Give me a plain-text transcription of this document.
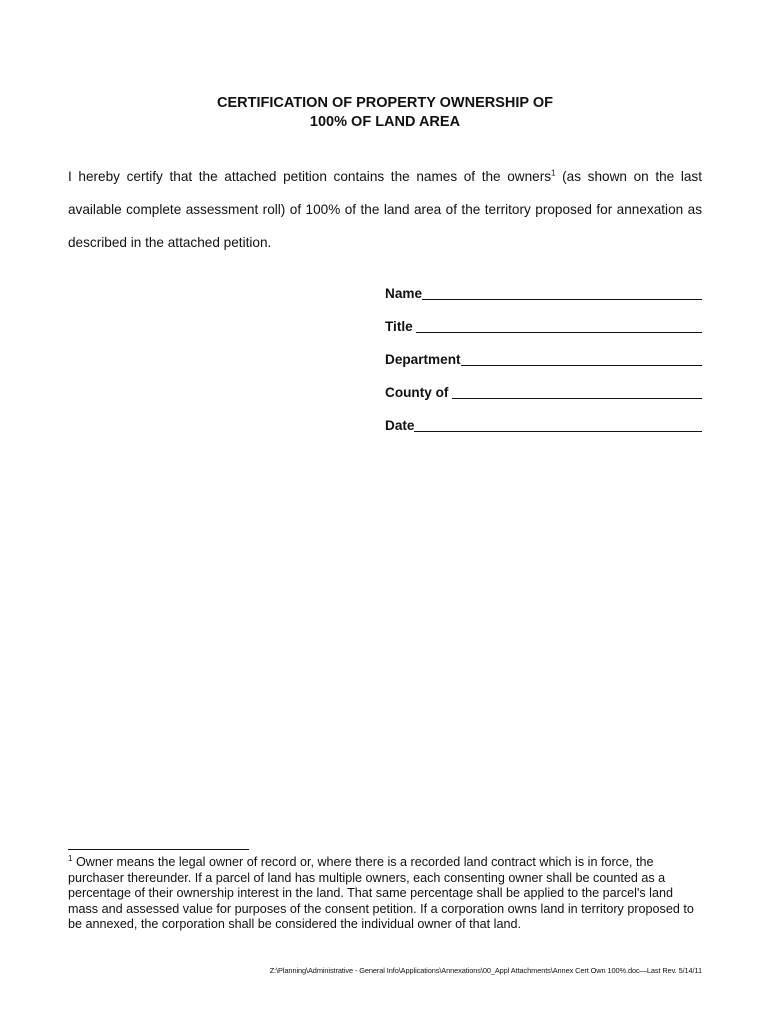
CERTIFICATION OF PROPERTY OWNERSHIP OF
100% OF LAND AREA
I hereby certify that the attached petition contains the names of the owners$^1$ (as shown on the last available complete assessment roll) of 100% of the land area of the territory proposed for annexation as described in the attached petition.
Name
Title
Department
County of
Date
$^1$ Owner means the legal owner of record or, where there is a recorded land contract which is in force, the purchaser thereunder. If a parcel of land has multiple owners, each consenting owner shall be counted as a percentage of their ownership interest in the land. That same percentage shall be applied to the parcel's land mass and assessed value for purposes of the consent petition. If a corporation owns land in territory proposed to be annexed, the corporation shall be considered the individual owner of that land.
Z:\Planning\Administrative - General Info\Applications\Annexations\00_Appl Attachments\Annex Cert Own 100%.doc—Last Rev. 5/14/11
